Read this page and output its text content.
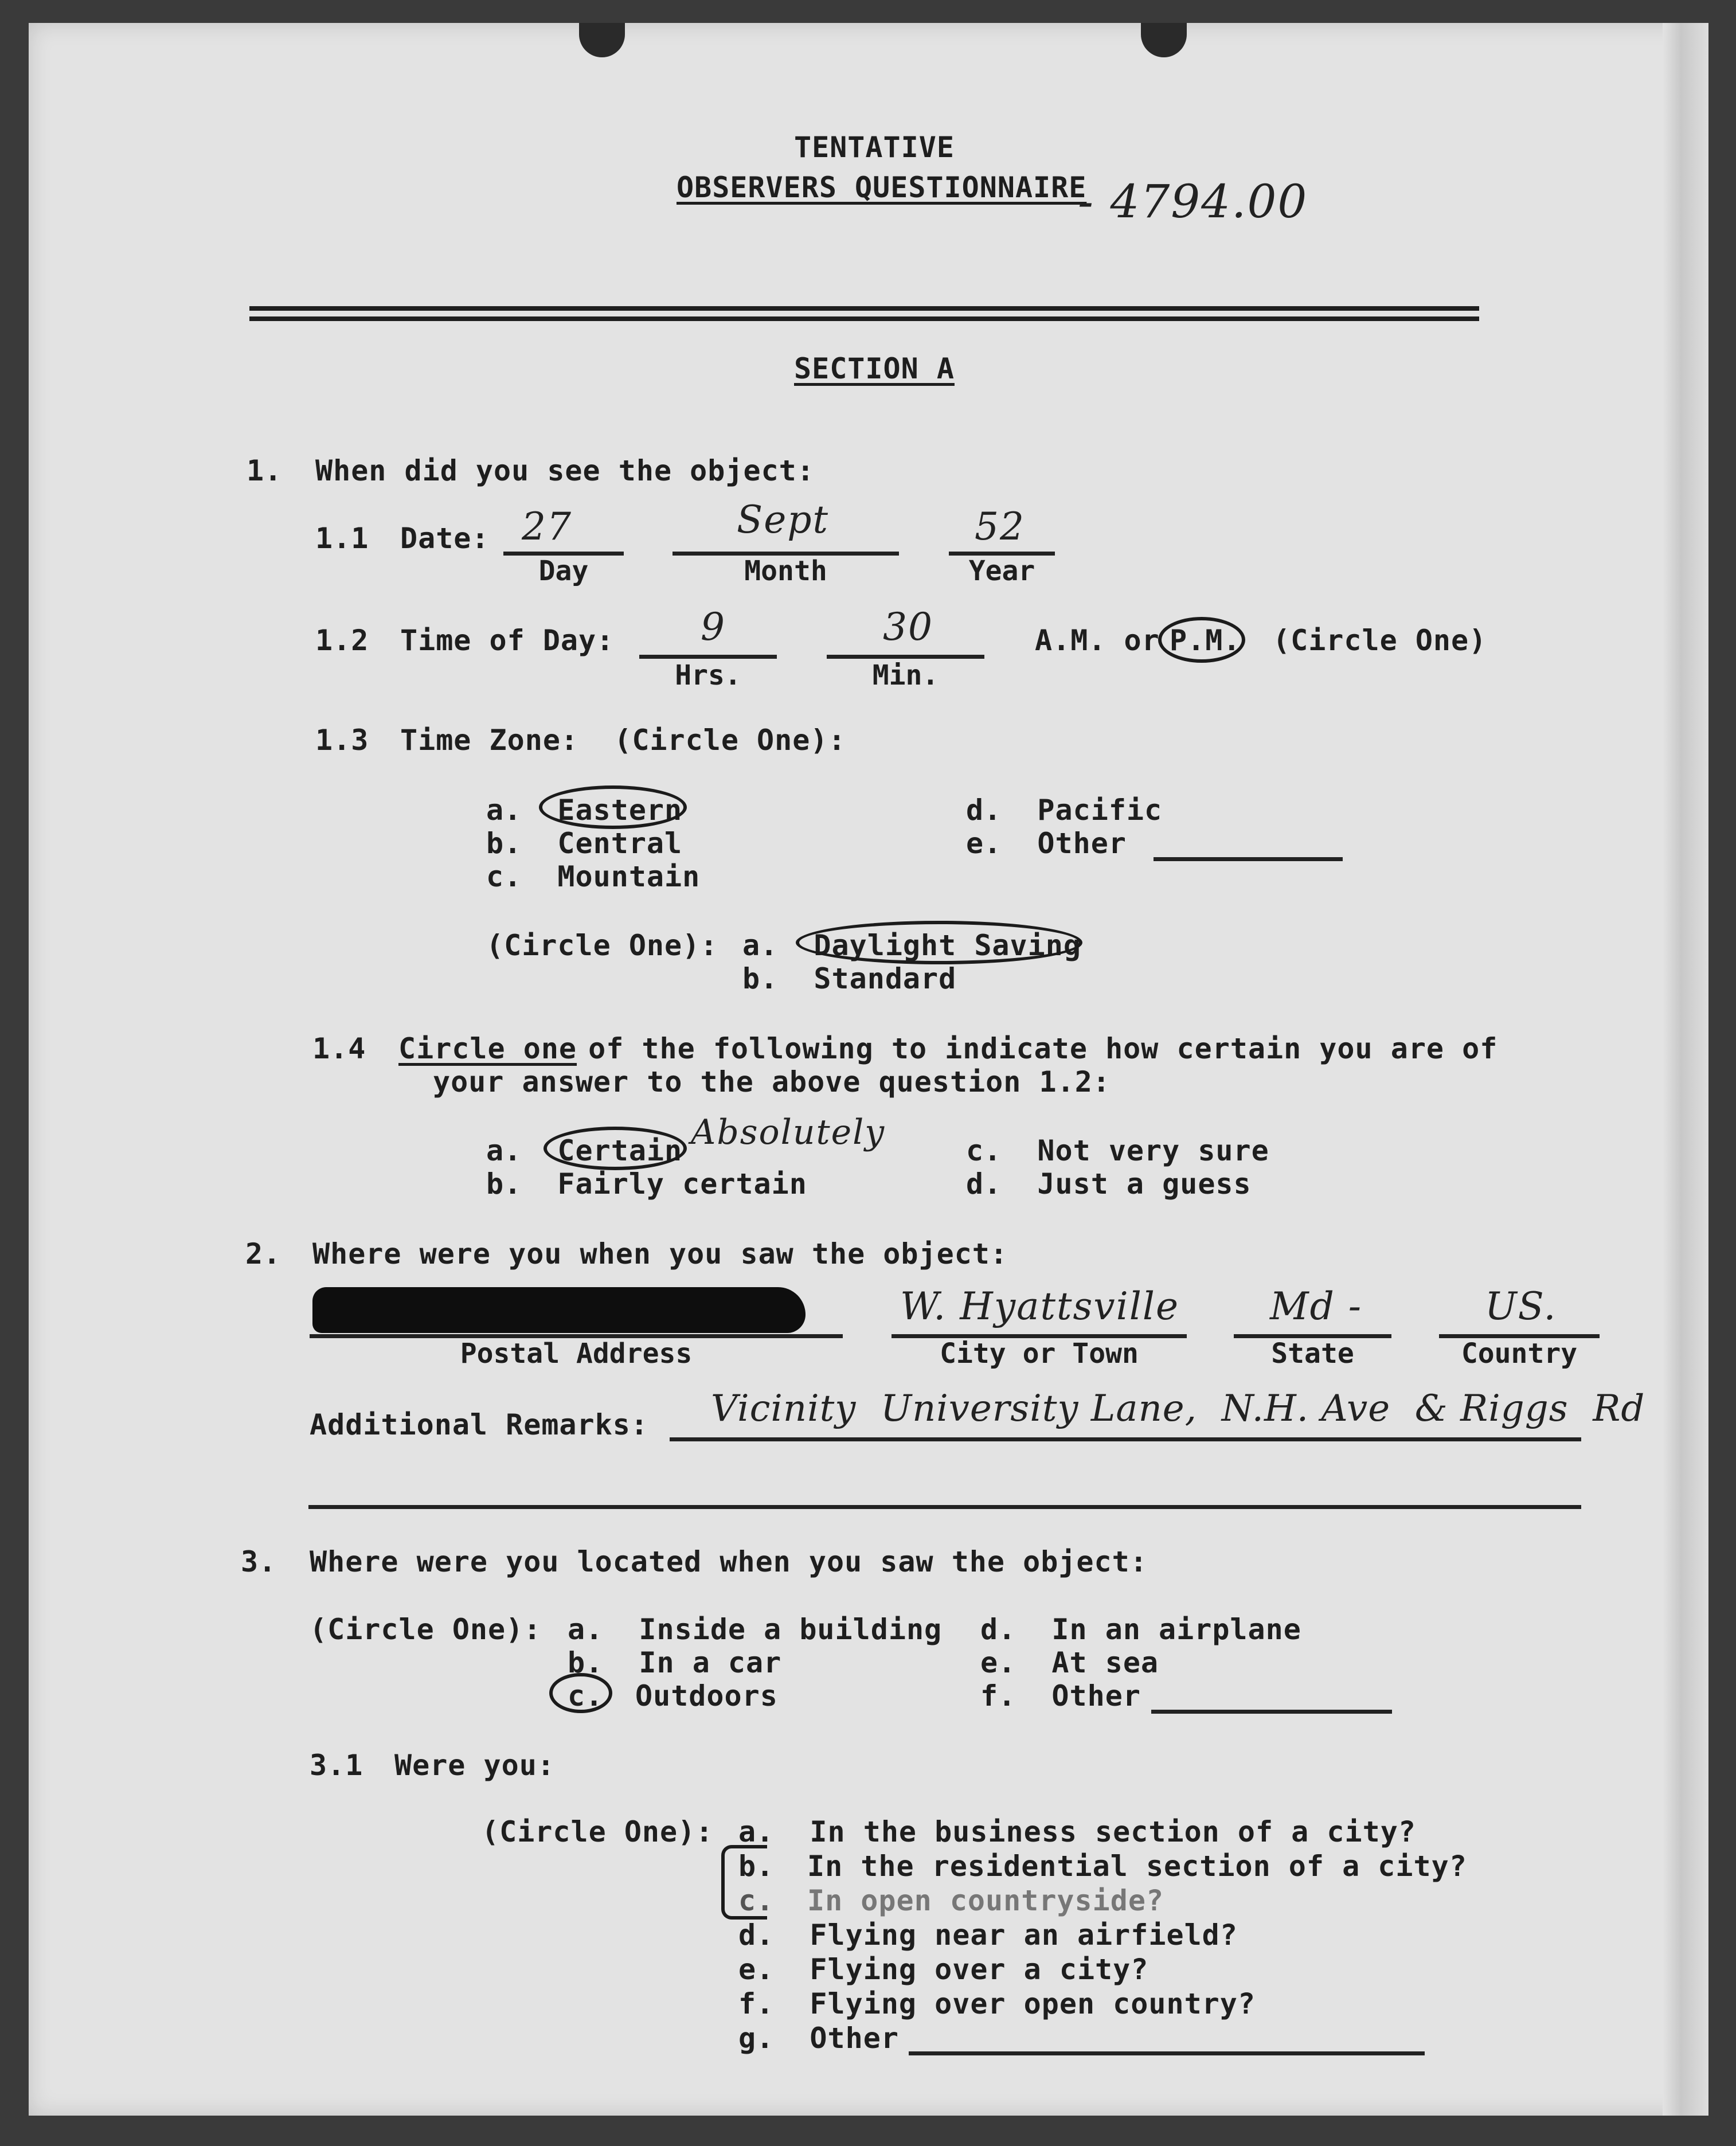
TENTATIVE
OBSERVERS QUESTIONNAIRE
- 4794.00
SECTION A
1. When did you see the object:
1.1 Date: 27
Day
Sept
Month
52
Year
1.2 Time of Day: 9
Hrs.
30
Min.
A.M. or P.M. (Circle One)
1.3 Time Zone:  (Circle One):
a.  Eastern
b.  Central
c.  Mountain
d.  Pacific
e.  Other
(Circle One): a.  Daylight Saving
b.  Standard
1.4 Circle one
of the following to indicate how certain you are of
your answer to the above question 1.2:
a.  Certain Absolutely
b.  Fairly certain
c.  Not very sure
d.  Just a guess
2. Where were you when you saw the object:
Postal Address
W. Hyattsville
City or Town
Md -
State
US.
Country
Additional Remarks: Vicinity  University Lane,  N.H. Ave  & Riggs  Rd
3. Where were you located when you saw the object:
(Circle One): a.  Inside a building
b.  In a car
c. Outdoors
d.  In an airplane
e.  At sea
f.  Other
3.1 Were you:
(Circle One): a.  In the business section of a city?
b. In the residential section of a city?
c. In open countryside?
d.  Flying near an airfield?
e.  Flying over a city?
f.  Flying over open country?
g.  Other
